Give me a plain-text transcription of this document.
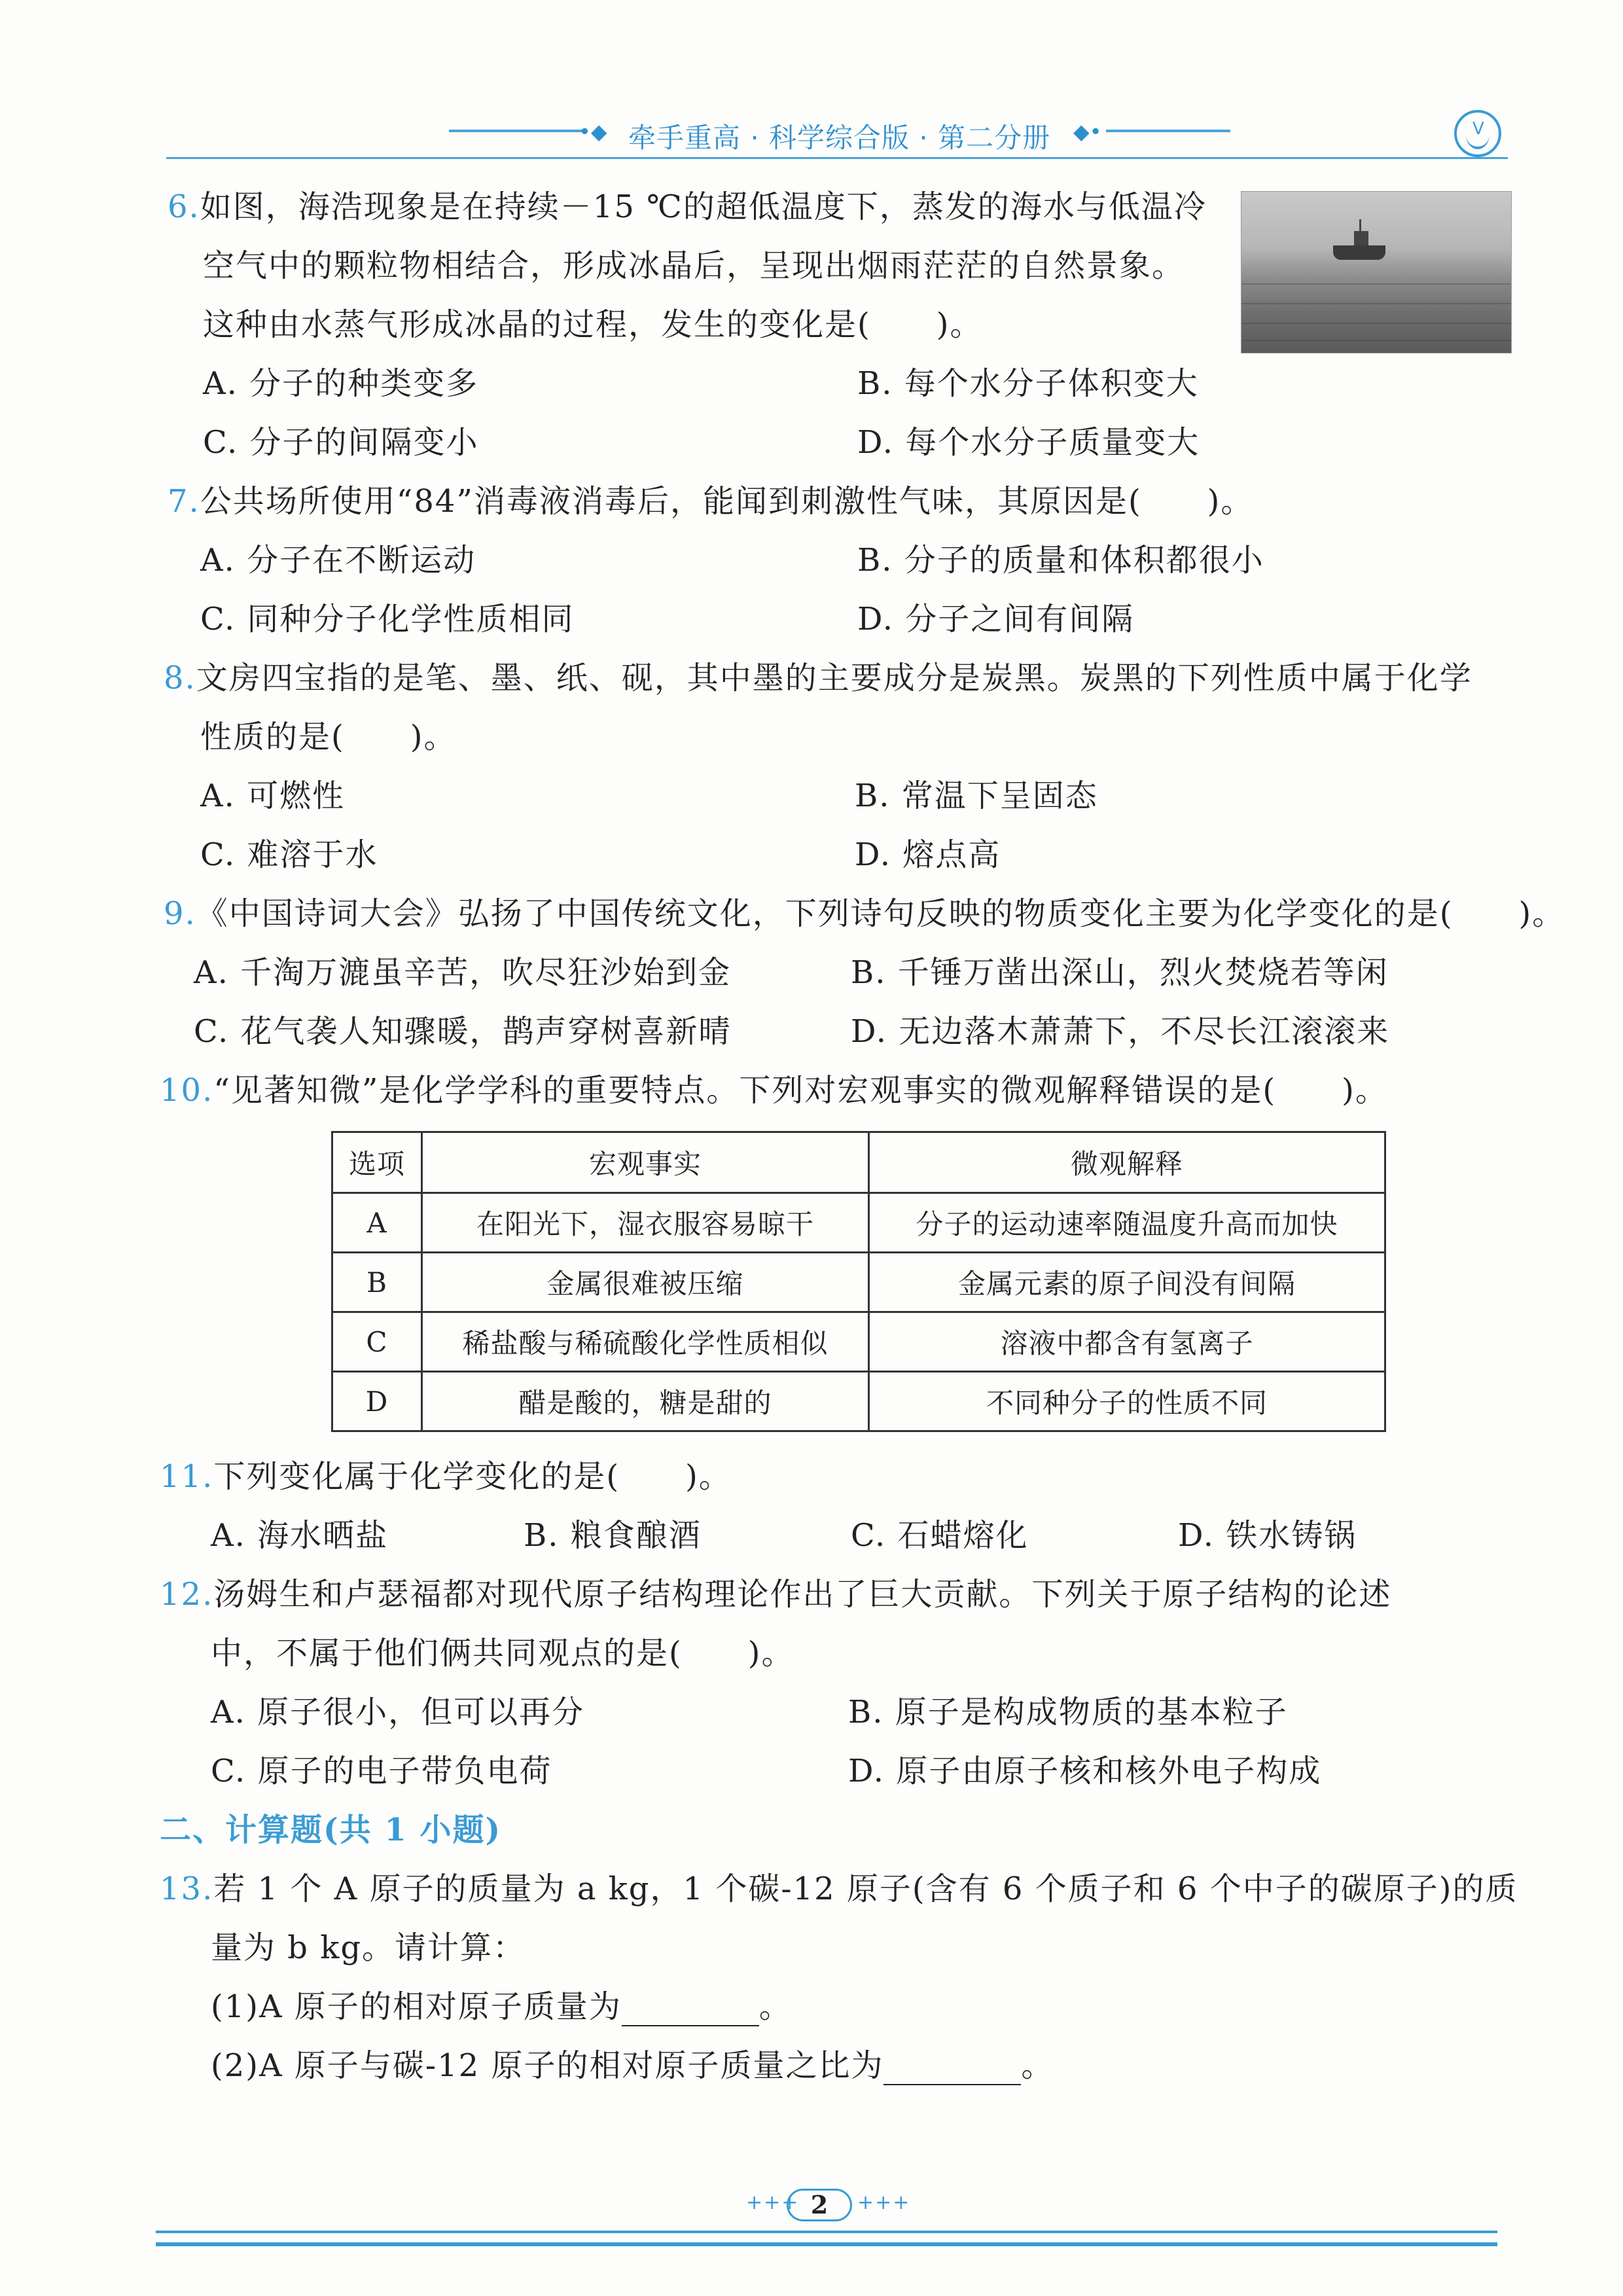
•◆ 牵手重高 · 科学综合版 · 第二分册 ◆•	V
6.如图，海浩现象是在持续－15 ℃的超低温度下，蒸发的海水与低温冷
空气中的颗粒物相结合，形成冰晶后，呈现出烟雨茫茫的自然景象。
这种由水蒸气形成冰晶的过程，发生的变化是(　　)。
A. 分子的种类变多	B. 每个水分子体积变大
C. 分子的间隔变小	D. 每个水分子质量变大
7.公共场所使用“84”消毒液消毒后，能闻到刺激性气味，其原因是(　　)。
A. 分子在不断运动	B. 分子的质量和体积都很小
C. 同种分子化学性质相同	D. 分子之间有间隔
8.文房四宝指的是笔、墨、纸、砚，其中墨的主要成分是炭黑。炭黑的下列性质中属于化学
性质的是(　　)。
A. 可燃性	B. 常温下呈固态
C. 难溶于水	D. 熔点高
9.《中国诗词大会》弘扬了中国传统文化，下列诗句反映的物质变化主要为化学变化的是(　　)。
A. 千淘万漉虽辛苦，吹尽狂沙始到金	B. 千锤万凿出深山，烈火焚烧若等闲
C. 花气袭人知骤暖，鹊声穿树喜新晴	D. 无边落木萧萧下，不尽长江滚滚来
10.“见著知微”是化学学科的重要特点。下列对宏观事实的微观解释错误的是(　　)。
选项	宏观事实	微观解释
A	在阳光下，湿衣服容易晾干	分子的运动速率随温度升高而加快
B	金属很难被压缩	金属元素的原子间没有间隔
C	稀盐酸与稀硫酸化学性质相似	溶液中都含有氢离子
D	醋是酸的，糖是甜的	不同种分子的性质不同
11.下列变化属于化学变化的是(　　)。
A. 海水晒盐	B. 粮食酿酒	C. 石蜡熔化	D. 铁水铸锅
12.汤姆生和卢瑟福都对现代原子结构理论作出了巨大贡献。下列关于原子结构的论述
中，不属于他们俩共同观点的是(　　)。
A. 原子很小，但可以再分	B. 原子是构成物质的基本粒子
C. 原子的电子带负电荷	D. 原子由原子核和核外电子构成
二、计算题(共 1 小题)
13.若 1 个 A 原子的质量为 a kg，1 个碳-12 原子(含有 6 个质子和 6 个中子的碳原子)的质
量为 b kg。请计算：
(1)A 原子的相对原子质量为	。
(2)A 原子与碳-12 原子的相对原子质量之比为	。
+++ 2	+++
